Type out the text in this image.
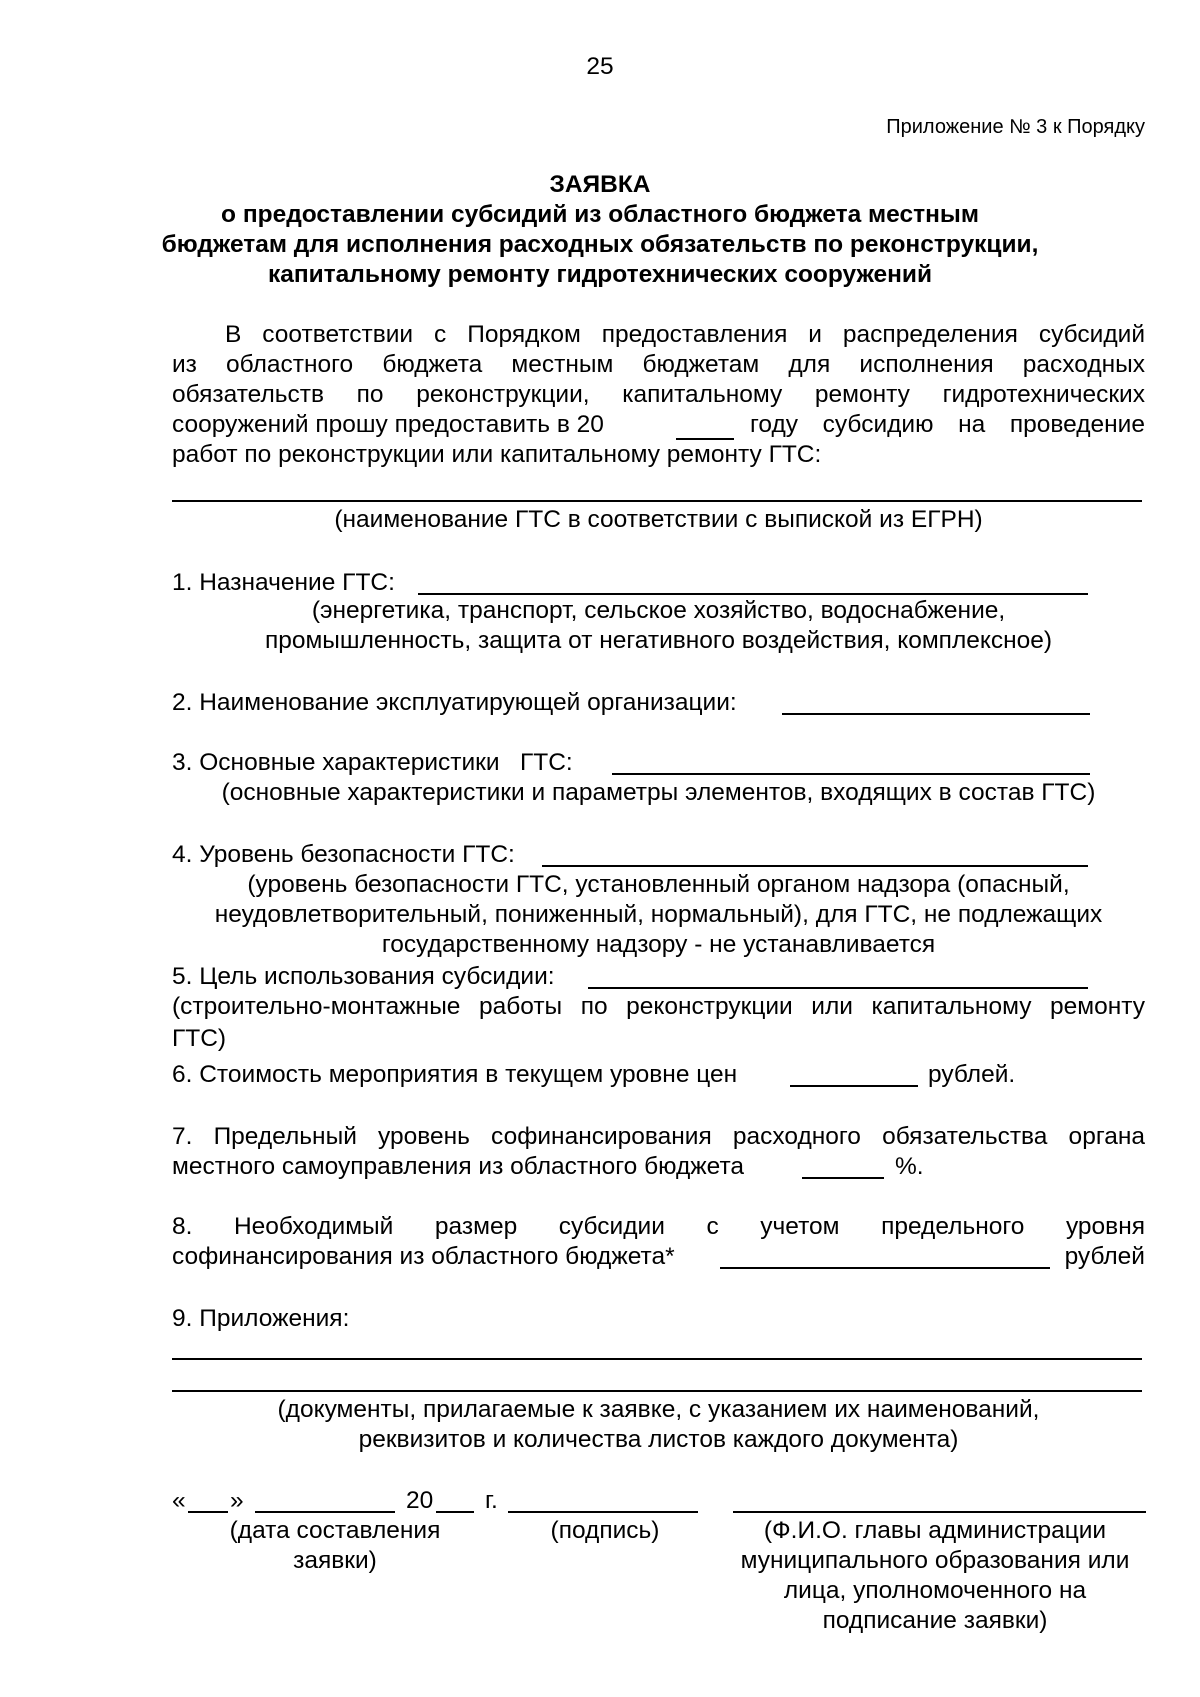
25
Приложение № 3 к Порядку
ЗАЯВКА
о предоставлении субсидий из областного бюджета местным
бюджетам для исполнения расходных обязательств по реконструкции,
капитальному ремонту гидротехнических сооружений
В соответствии с Порядком предоставления и распределения субсидий
из областного бюджета местным бюджетам для исполнения расходных
обязательств по реконструкции, капитальному ремонту гидротехнических
сооружений прошу предоставить в 20	году субсидию на проведение
работ по реконструкции или капитальному ремонту ГТС:
(наименование ГТС в соответствии с выпиской из ЕГРН)
1. Назначение ГТС:
(энергетика, транспорт, сельское хозяйство, водоснабжение,
промышленность, защита от негативного воздействия, комплексное)
2. Наименование эксплуатирующей организации:
3. Основные характеристики   ГТС:
(основные характеристики и параметры элементов, входящих в состав ГТС)
4. Уровень безопасности ГТС:
(уровень безопасности ГТС, установленный органом надзора (опасный,
неудовлетворительный, пониженный, нормальный), для ГТС, не подлежащих
государственному надзору - не устанавливается
5. Цель использования субсидии:
(строительно-монтажные работы по реконструкции или капитальному ремонту
ГТС)
6. Стоимость мероприятия в текущем уровне цен	рублей.
7. Предельный уровень софинансирования расходного обязательства органа
местного самоуправления из областного бюджета	%.
8. Необходимый размер субсидии с учетом предельного уровня
софинансирования из областного бюджета*	рублей
9. Приложения:
(документы, прилагаемые к заявке, с указанием их наименований,
реквизитов и количества листов каждого документа)
« »	20 г.
(дата составления
заявки)
(подпись)	(Ф.И.О. главы администрации
муниципального образования или
лица, уполномоченного на
подписание заявки)
